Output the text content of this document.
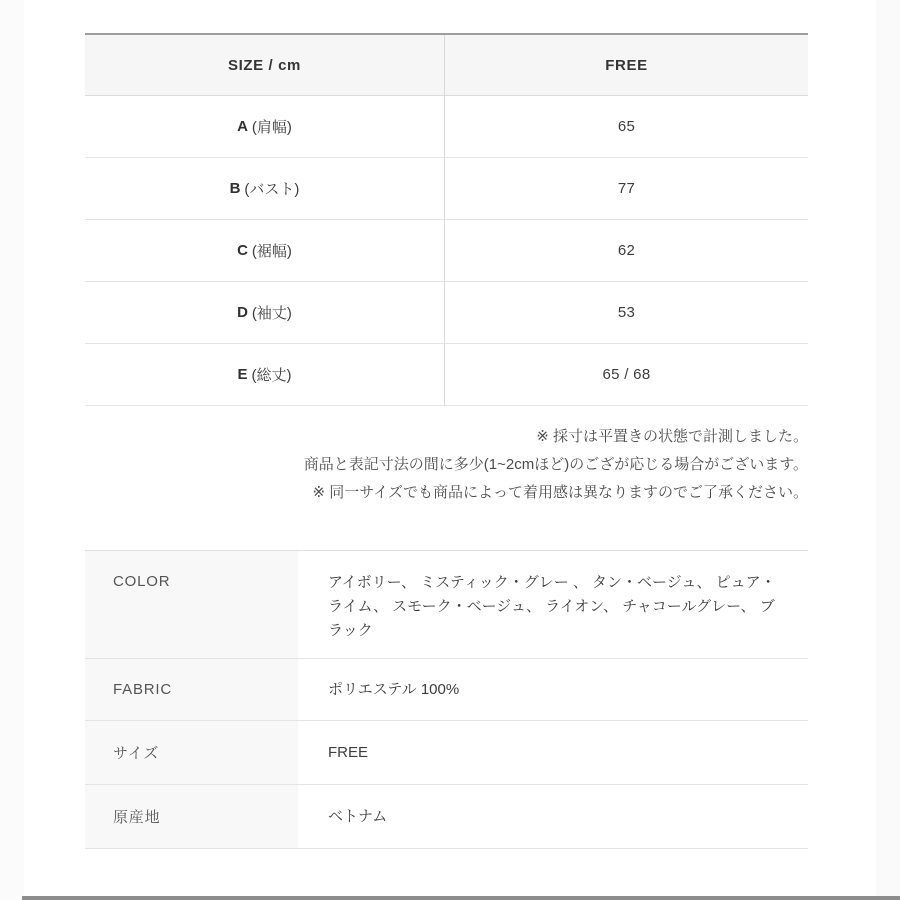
SIZE / cm	FREE
A (肩幅)	65
B (バスト)	77
C (裾幅)	62
D (袖丈)	53
E (総丈)	65 / 68
※ 採寸は平置きの状態で計測しました。
商品と表記寸法の間に多少(1~2cmほど)のござが応じる場合がございます。
※ 同一サイズでも商品によって着用感は異なりますのでご了承ください。
COLOR	アイボリー、 ミスティック・グレー 、 タン・ベージュ、 ピュア・ライム、 スモーク・ベージュ、 ライオン、 チャコールグレー、 ブラック
FABRIC	ポリエステル 100%
サイズ	FREE
原産地	ベトナム
